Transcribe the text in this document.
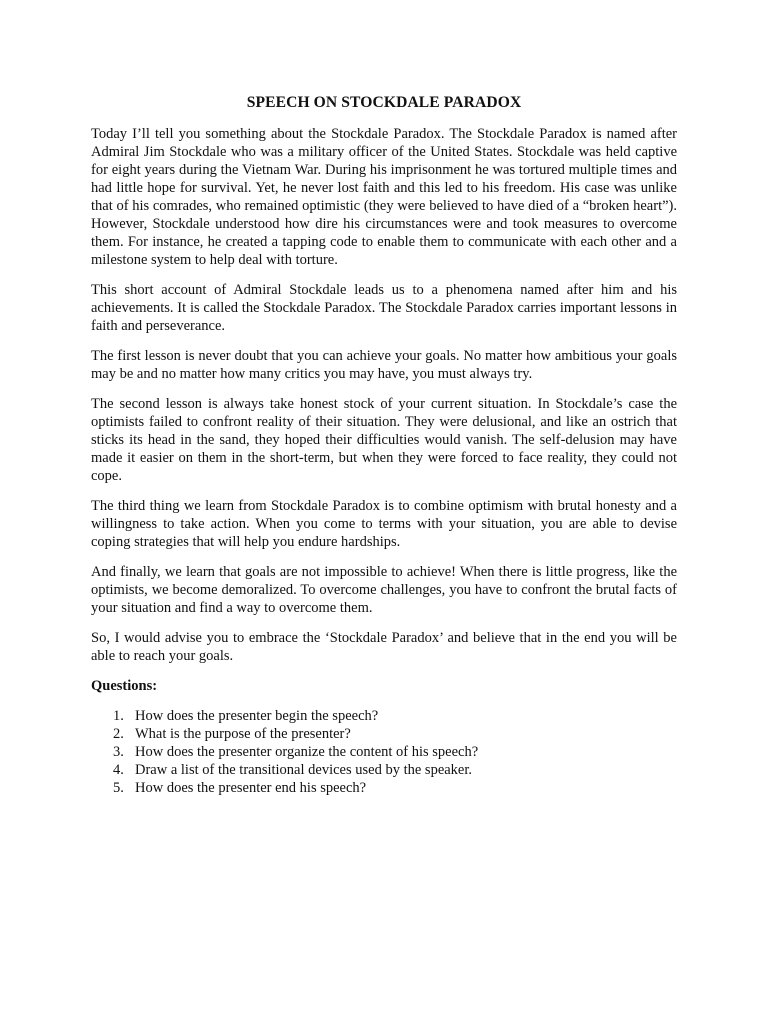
SPEECH ON STOCKDALE PARADOX

Today I’ll tell you something about the Stockdale Paradox. The Stockdale Paradox is named after Admiral Jim Stockdale who was a military officer of the United States. Stockdale was held captive for eight years during the Vietnam War. During his imprisonment he was tortured multiple times and had little hope for survival. Yet, he never lost faith and this led to his freedom. His case was unlike that of his comrades, who remained optimistic (they were believed to have died of a “broken heart”). However, Stockdale understood how dire his circumstances were and took measures to overcome them. For instance, he created a tapping code to enable them to communicate with each other and a milestone system to help deal with torture.

This short account of Admiral Stockdale leads us to a phenomena named after him and his achievements. It is called the Stockdale Paradox. The Stockdale Paradox carries important lessons in faith and perseverance.

The first lesson is never doubt that you can achieve your goals. No matter how ambitious your goals may be and no matter how many critics you may have, you must always try.

The second lesson is always take honest stock of your current situation. In Stockdale’s case the optimists failed to confront reality of their situation. They were delusional, and like an ostrich that sticks its head in the sand, they hoped their difficulties would vanish. The self-delusion may have made it easier on them in the short-term, but when they were forced to face reality, they could not cope.

The third thing we learn from Stockdale Paradox is to combine optimism with brutal honesty and a willingness to take action. When you come to terms with your situation, you are able to devise coping strategies that will help you endure hardships.

And finally, we learn that goals are not impossible to achieve! When there is little progress, like the optimists, we become demoralized. To overcome challenges, you have to confront the brutal facts of your situation and find a way to overcome them.

So, I would advise you to embrace the ‘Stockdale Paradox’ and believe that in the end you will be able to reach your goals.

Questions:

1. How does the presenter begin the speech?
2. What is the purpose of the presenter?
3. How does the presenter organize the content of his speech?
4. Draw a list of the transitional devices used by the speaker.
5. How does the presenter end his speech?
